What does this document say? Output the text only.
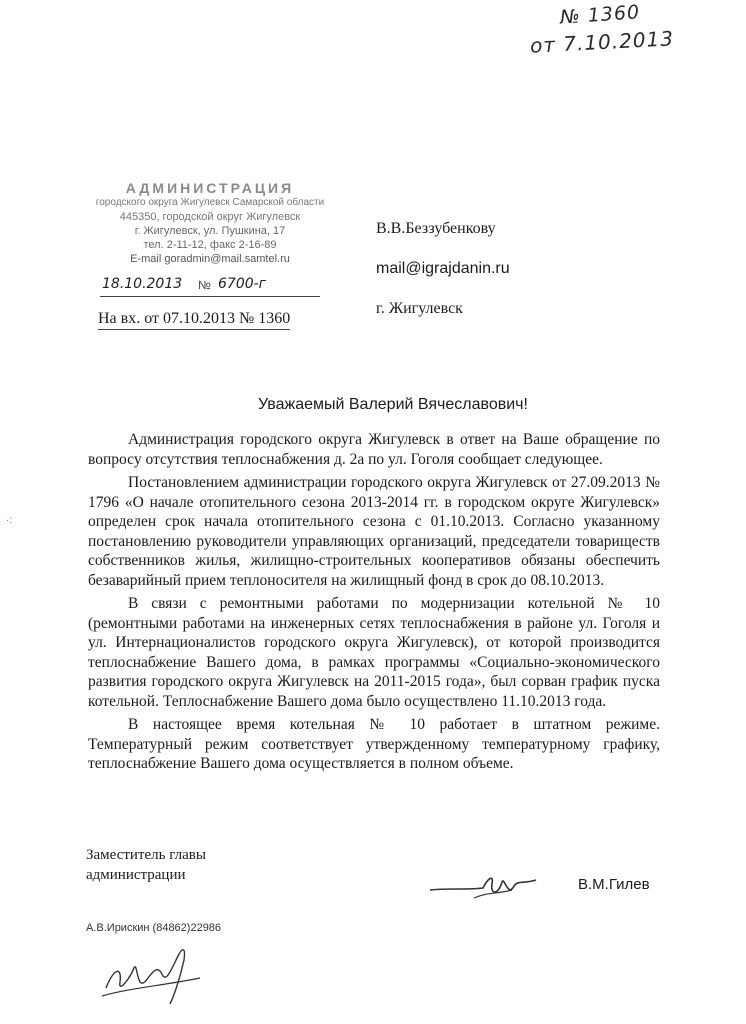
№ 1360
от 7.10.2013
АДМИНИСТРАЦИЯ
городского округа Жигулевск Самарской области
445350, городской округ Жигулевск
г. Жигулевск, ул. Пушкина, 17
тел. 2-11-12, факс 2-16-89
E-mail goradmin@mail.samtel.ru
18.10.2013 № 6700-г
На вх. от 07.10.2013 № 1360
В.В.Беззубенкову
mail@igrajdanin.ru
г. Жигулевск
Уважаемый Валерий Вячеславович!

Администрация городского округа Жигулевск в ответ на Ваше обращение по вопросу отсутствия теплоснабжения д. 2а по ул. Гоголя сообщает следующее.

Постановлением администрации городского округа Жигулевск от 27.09.2013 № 1796 «О начале отопительного сезона 2013-2014 гг. в городском округе Жигулевск» определен срок начала отопительного сезона с 01.10.2013. Согласно указанному постановлению руководители управляющих организаций, председатели товариществ собственников жилья, жилищно-строительных кооперативов обязаны обеспечить безаварийный прием теплоносителя на жилищный фонд в срок до 08.10.2013.

В связи с ремонтными работами по модернизации котельной № 10 (ремонтными работами на инженерных сетях теплоснабжения в районе ул. Гоголя и ул. Интернационалистов городского округа Жигулевск), от которой производится теплоснабжение Вашего дома, в рамках программы «Социально-экономического развития городского округа Жигулевск на 2011-2015 года», был сорван график пуска котельной. Теплоснабжение Вашего дома было осуществлено 11.10.2013 года.

В настоящее время котельная № 10 работает в штатном режиме. Температурный режим соответствует утвержденному температурному графику, теплоснабжение Вашего дома осуществляется в полном объеме.

Заместитель главы
администрации
В.М.Гилев
А.В.Ирискин (84862)22986
·:
